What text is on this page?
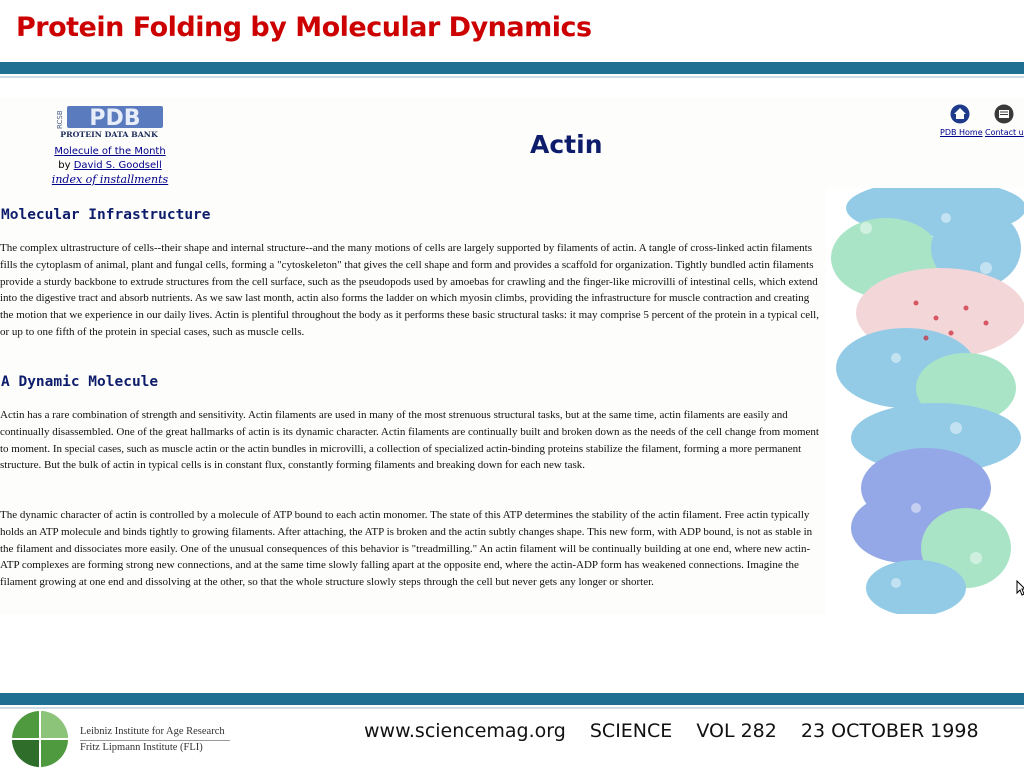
Protein Folding by Molecular Dynamics
RCSB PDB
PROTEIN DATA BANK
Molecule of the Month
by David S. Goodsell
index of installments
Actin	PDB Home Contact u
Molecular Infrastructure

The complex ultrastructure of cells--their shape and internal structure--and the many motions of cells are largely supported by filaments of actin. A tangle of cross-linked actin filaments fills the cytoplasm of animal, plant and fungal cells, forming a "cytoskeleton" that gives the cell shape and form and provides a scaffold for organization. Tightly bundled actin filaments provide a sturdy backbone to extrude structures from the cell surface, such as the pseudopods used by amoebas for crawling and the finger-like microvilli of intestinal cells, which extend into the digestive tract and absorb nutrients. As we saw last month, actin also forms the ladder on which myosin climbs, providing the infrastructure for muscle contraction and creating the motion that we experience in our daily lives. Actin is plentiful throughout the body as it performs these basic structural tasks: it may comprise 5 percent of the protein in a typical cell, or up to one fifth of the protein in special cases, such as muscle cells.

A Dynamic Molecule

Actin has a rare combination of strength and sensitivity. Actin filaments are used in many of the most strenuous structural tasks, but at the same time, actin filaments are easily and continually disassembled. One of the great hallmarks of actin is its dynamic character. Actin filaments are continually built and broken down as the needs of the cell change from moment to moment. In special cases, such as muscle actin or the actin bundles in microvilli, a collection of specialized actin-binding proteins stabilize the filament, forming a more permanent structure. But the bulk of actin in typical cells is in constant flux, constantly forming filaments and breaking down for each new task.

The dynamic character of actin is controlled by a molecule of ATP bound to each actin monomer. The state of this ATP determines the stability of the actin filament. Free actin typically holds an ATP molecule and binds tightly to growing filaments. After attaching, the ATP is broken and the actin subtly changes shape. This new form, with ADP bound, is not as stable in the filament and dissociates more easily. One of the unusual consequences of this behavior is "treadmilling." An actin filament will be continually building at one end, where new actin-ATP complexes are forming strong new connections, and at the same time slowly falling apart at the opposite end, where the actin-ADP form has weakened connections. Imagine the filament growing at one end and dissolving at the other, so that the whole structure slowly steps through the cell but never gets any longer or shorter.

Leibniz Institute for Age Research
Fritz Lipmann Institute (FLI)
www.sciencemag.org SCIENCE VOL 282 23 OCTOBER 1998
